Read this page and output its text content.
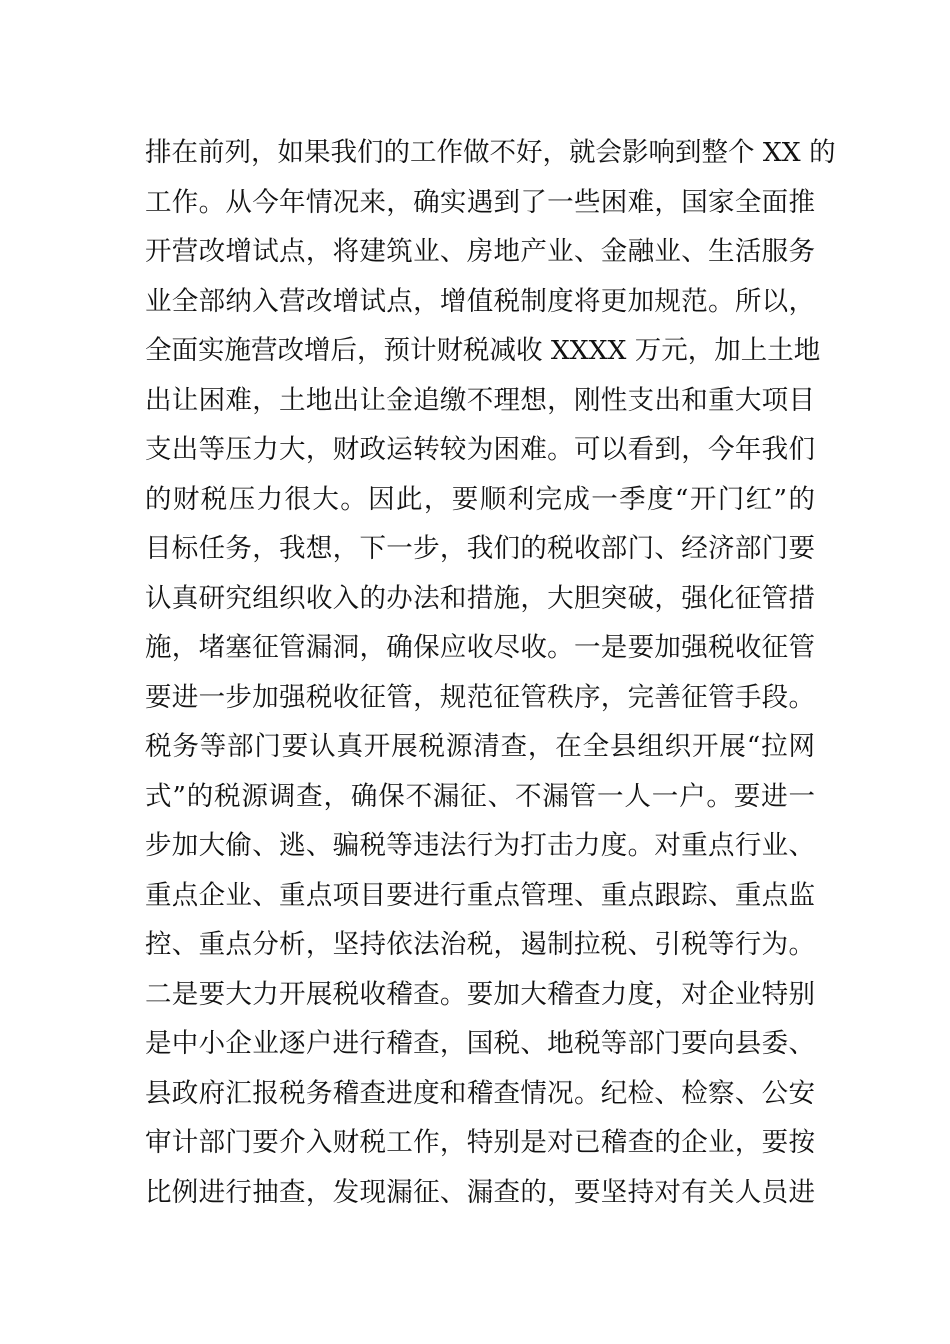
排在前列，如果我们的工作做不好，就会影响到整个 XX 的
工作。从今年情况来，确实遇到了一些困难，国家全面推
开营改增试点，将建筑业、房地产业、金融业、生活服务
业全部纳入营改增试点，增值税制度将更加规范。所以，
全面实施营改增后，预计财税减收 XXXX 万元，加上土地
出让困难，土地出让金追缴不理想，刚性支出和重大项目
支出等压力大，财政运转较为困难。可以看到，今年我们
的财税压力很大。因此，要顺利完成一季度“开门红”的
目标任务，我想，下一步，我们的税收部门、经济部门要
认真研究组织收入的办法和措施，大胆突破，强化征管措
施，堵塞征管漏洞，确保应收尽收。一是要加强税收征管
要进一步加强税收征管，规范征管秩序，完善征管手段。
税务等部门要认真开展税源清查，在全县组织开展“拉网
式”的税源调查，确保不漏征、不漏管一人一户。要进一
步加大偷、逃、骗税等违法行为打击力度。对重点行业、
重点企业、重点项目要进行重点管理、重点跟踪、重点监
控、重点分析，坚持依法治税，遏制拉税、引税等行为。
二是要大力开展税收稽查。要加大稽查力度，对企业特别
是中小企业逐户进行稽查，国税、地税等部门要向县委、
县政府汇报税务稽查进度和稽查情况。纪检、检察、公安
审计部门要介入财税工作，特别是对已稽查的企业，要按
比例进行抽查，发现漏征、漏查的，要坚持对有关人员进
